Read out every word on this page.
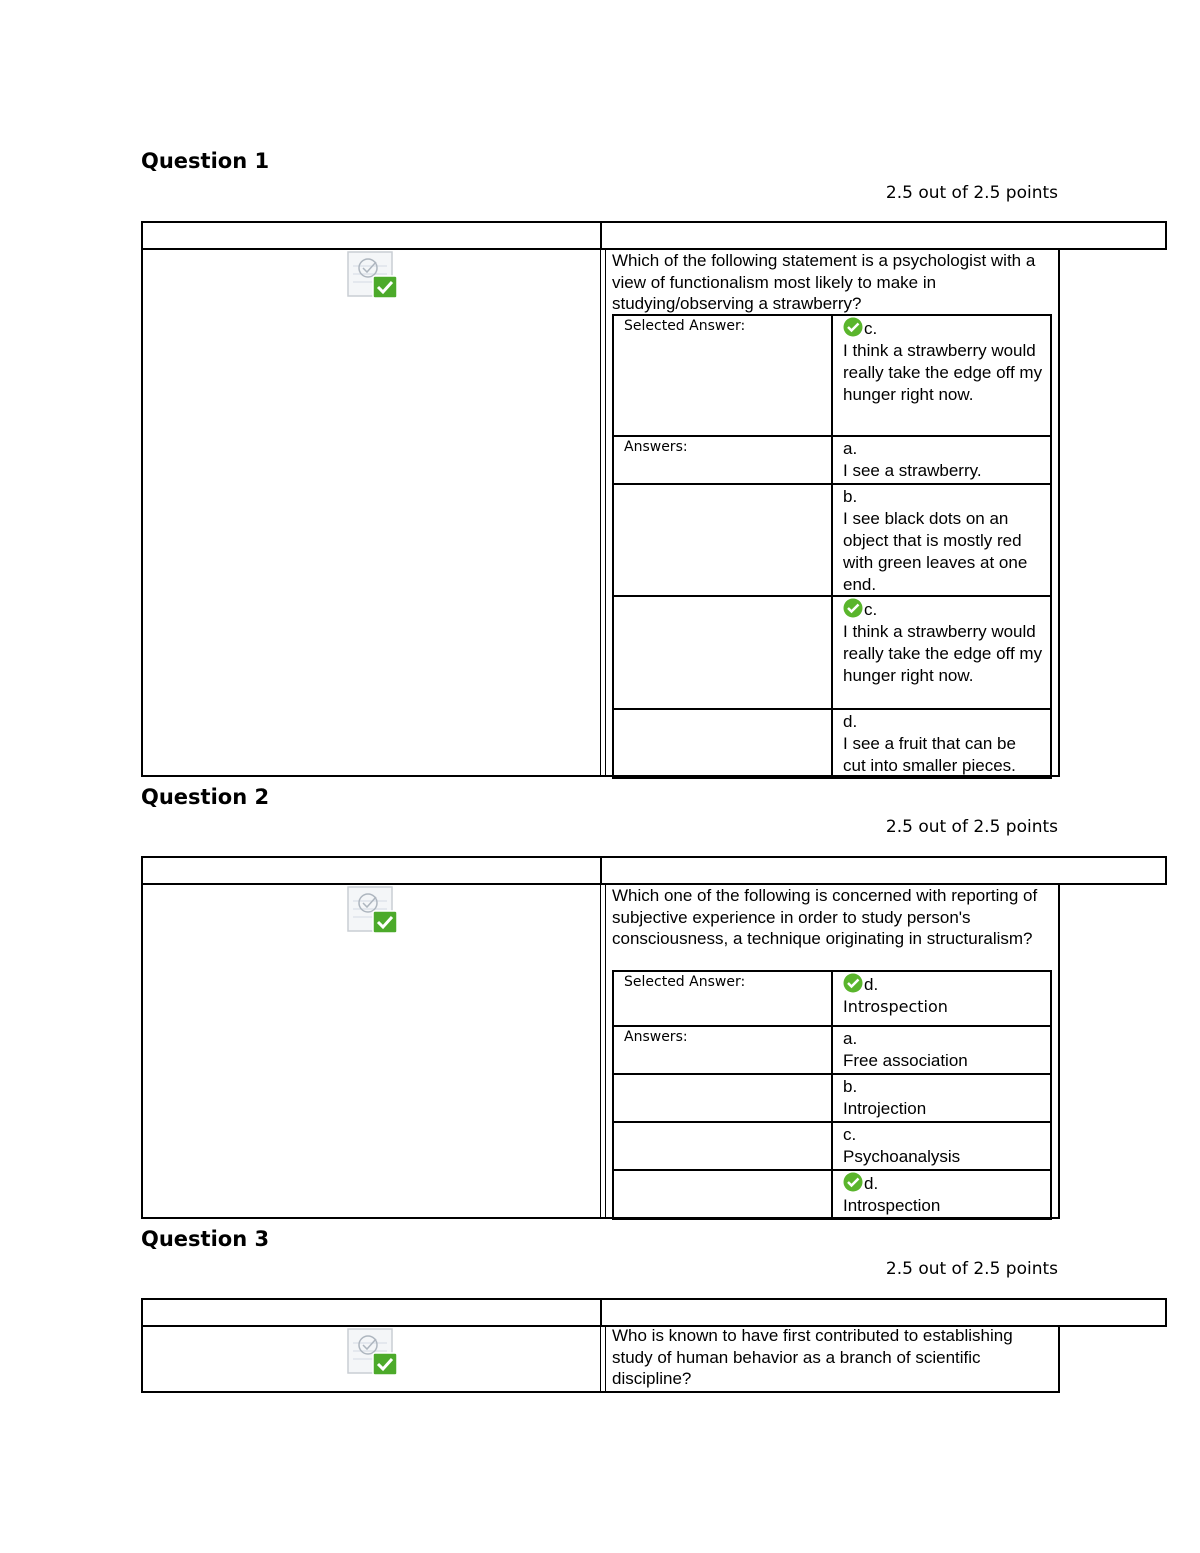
Question 1
2.5 out of 2.5 points
Which of the following statement is a psychologist with a view of functionalism most likely to make in studying/observing a strawberry?
Selected Answer:	c.
I think a strawberry would really take the edge off my hunger right now.
Answers:	a.
I see a strawberry.
b.
I see black dots on an object that is mostly red with green leaves at one end.
c.
I think a strawberry would really take the edge off my hunger right now.
d.
I see a fruit that can be cut into smaller pieces.
Question 2
2.5 out of 2.5 points
Which one of the following is concerned with reporting of subjective experience in order to study person's consciousness, a technique originating in structuralism?
Selected Answer:	d.
Introspection
Answers:	a.
Free association
b.
Introjection
c.
Psychoanalysis
d.
Introspection
Question 3
2.5 out of 2.5 points
Who is known to have first contributed to establishing study of human behavior as a branch of scientific discipline?
